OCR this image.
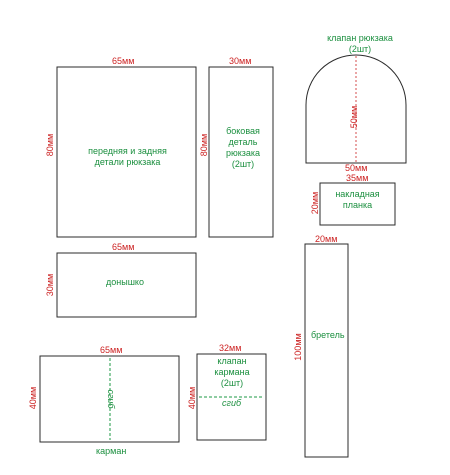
65мм
80мм	передняя и задняя детали рюкзака
30мм
80мм
боковая деталь рюкзака (2шт)
клапан рюкзака (2шт)
50мм
50мм
35мм
20мм	накладная планка
65мм
30мм	донышко
20мм
100мм бретель
65мм
40мм	сгиб
карман
32мм
40мм
клапан кармана (2шт)
сгиб
